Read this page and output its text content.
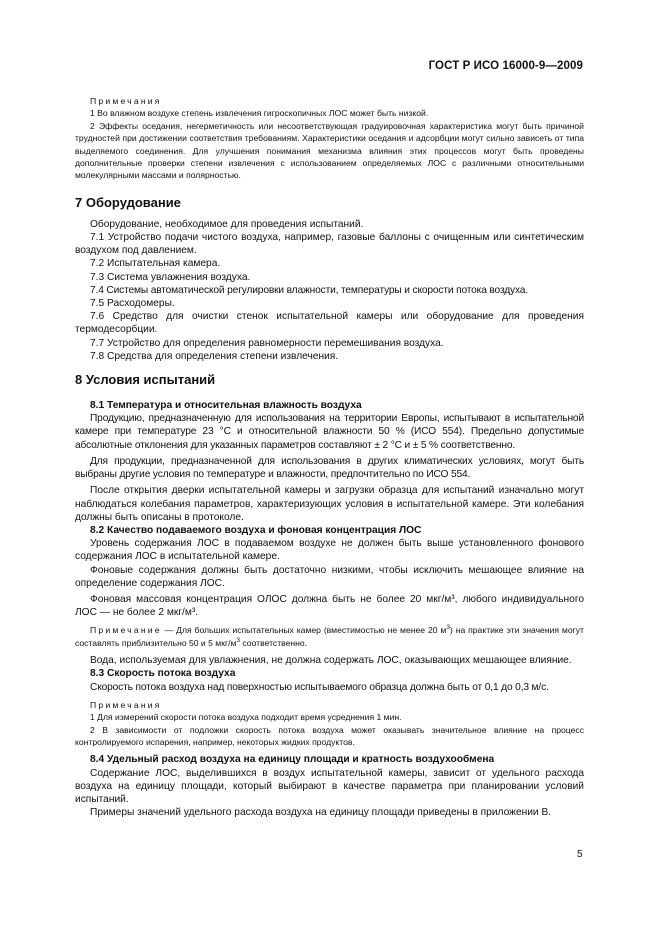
ГОСТ Р ИСО 16000-9—2009

Примечания

1 Во влажном воздухе степень извлечения гигроскопичных ЛОС может быть низкой.

2 Эффекты оседания, негерметичность или несоответствующая градуировочная характеристика могут быть причиной трудностей при достижении соответствия требованиям. Характеристики оседания и адсорбции могут сильно зависеть от типа выделяемого соединения. Для улучшения понимания механизма влияния этих процессов могут быть проведены дополнительные проверки степени извлечения с использованием определяемых ЛОС с различными относительными молекулярными массами и полярностью.

7 Оборудование

Оборудование, необходимое для проведения испытаний.

7.1 Устройство подачи чистого воздуха, например, газовые баллоны с очищенным или синтетическим воздухом под давлением.

7.2 Испытательная камера.

7.3 Система увлажнения воздуха.

7.4 Системы автоматической регулировки влажности, температуры и скорости потока воздуха.

7.5 Расходомеры.

7.6 Средство для очистки стенок испытательной камеры или оборудование для проведения термодесорбции.

7.7 Устройство для определения равномерности перемешивания воздуха.

7.8 Средства для определения степени извлечения.

8 Условия испытаний

8.1 Температура и относительная влажность воздуха

Продукцию, предназначенную для использования на территории Европы, испытывают в испытательной камере при температуре 23 °С и относительной влажности 50 % (ИСО 554). Предельно допустимые абсолютные отклонения для указанных параметров составляют ± 2 °С и ± 5 % соответственно.

Для продукции, предназначенной для использования в других климатических условиях, могут быть выбраны другие условия по температуре и влажности, предпочтительно по ИСО 554.

После открытия дверки испытательной камеры и загрузки образца для испытаний изначально могут наблюдаться колебания параметров, характеризующих условия в испытательной камере. Эти колебания должны быть описаны в протоколе.

8.2 Качество подаваемого воздуха и фоновая концентрация ЛОС

Уровень содержания ЛОС в подаваемом воздухе не должен быть выше установленного фонового содержания ЛОС в испытательной камере.

Фоновые содержания должны быть достаточно низкими, чтобы исключить мешающее влияние на определение содержания ЛОС.

Фоновая массовая концентрация ОЛОС должна быть не более 20 мкг/м³, любого индивидуального ЛОС — не более 2 мкг/м³.

Примечание — Для больших испытательных камер (вместимостью не менее 20 $м^3$) на практике эти значения могут составлять приблизительно 50 и 5 мкг/$м^3$ соответственно.

Вода, используемая для увлажнения, не должна содержать ЛОС, оказывающих мешающее влияние.

8.3 Скорость потока воздуха

Скорость потока воздуха над поверхностью испытываемого образца должна быть от 0,1 до 0,3 м/с.

Примечания

1 Для измерений скорости потока воздуха подходит время усреднения 1 мин.

2 В зависимости от подложки скорость потока воздуха может оказывать значительное влияние на процесс контролируемого испарения, например, некоторых жидких продуктов.

8.4 Удельный расход воздуха на единицу площади и кратность воздухообмена

Содержание ЛОС, выделившихся в воздух испытательной камеры, зависит от удельного расхода воздуха на единицу площади, который выбирают в качестве параметра при планировании условий испытаний.

Примеры значений удельного расхода воздуха на единицу площади приведены в приложении В.

5
